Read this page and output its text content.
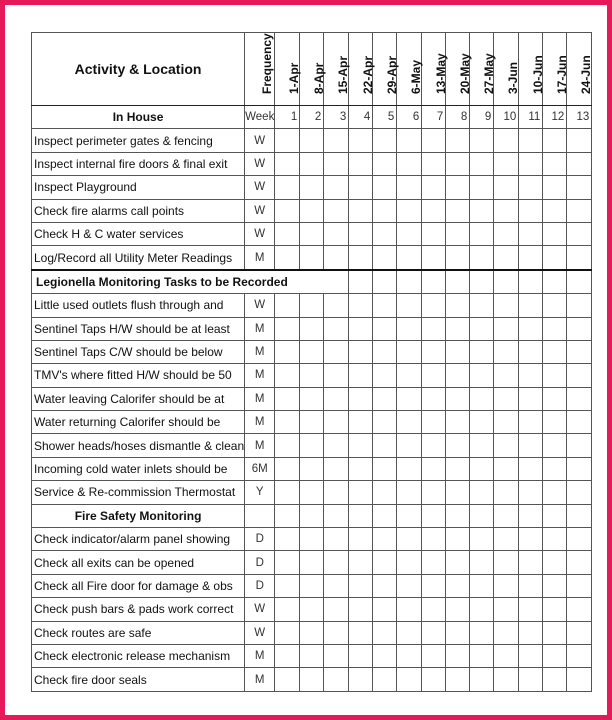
Activity & Location	Frequency	1-Apr	8-Apr	15-Apr	22-Apr	29-Apr	6-May	13-May	20-May	27-May	3-Jun	10-Jun	17-Jun	24-Jun

In House	Week	1	2	3	4	5	6	7	8	9	10	11	12	13
Inspect perimeter gates & fencing	W													
Inspect internal fire doors & final exit	W													
Inspect Playground	W													
Check fire alarms call points	W													
Check H & C water services	W													
Log/Record all Utility Meter Readings	M													
Legionella Monitoring Tasks to be Recorded														
Little used outlets flush through and	W													
Sentinel Taps H/W should be at least	M													
Sentinel Taps C/W should be below	M													
TMV's where fitted H/W should be 50	M													
Water leaving Calorifer should be at	M													
Water returning Calorifer should be	M													
Shower heads/hoses dismantle & clean	M													
Incoming cold water inlets should be	6M													
Service & Re-commission Thermostat	Y													
Fire Safety Monitoring														
Check indicator/alarm panel showing	D													
Check all exits can be opened	D													
Check all Fire door for damage & obs	D													
Check push bars & pads work correct	W													
Check routes are safe	W													
Check electronic release mechanism	M													
Check fire door seals	M													
